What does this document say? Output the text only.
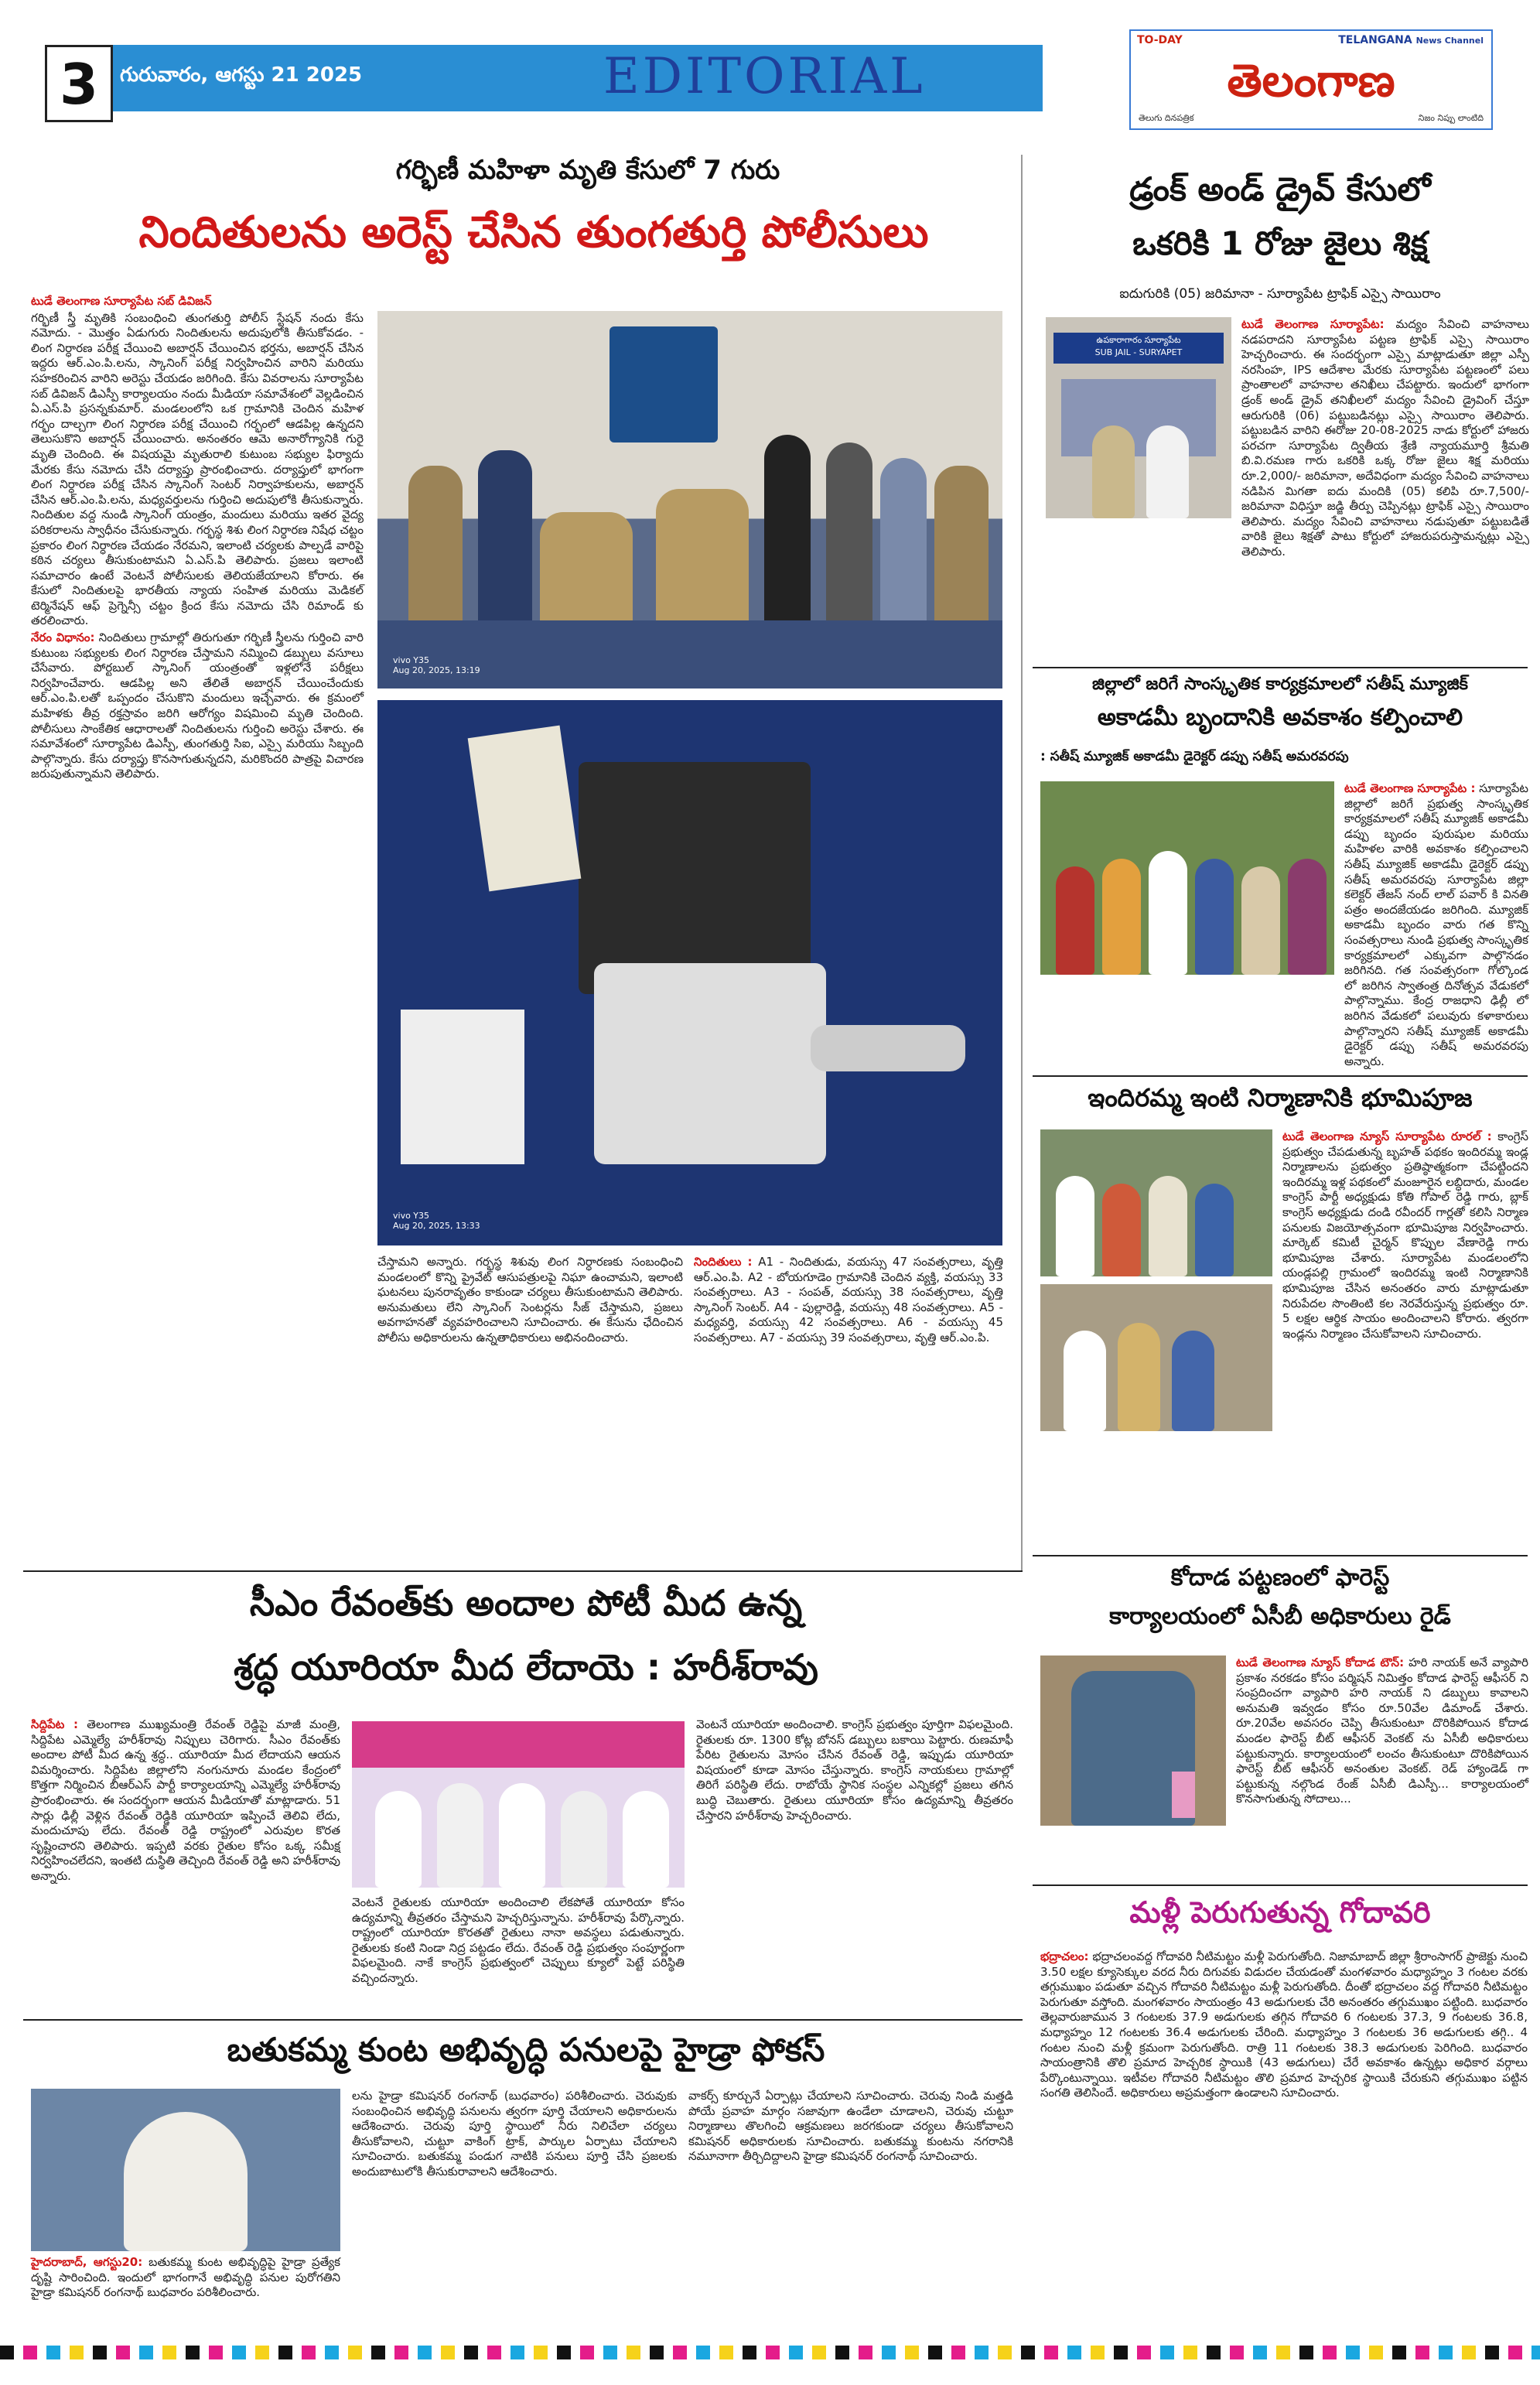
3	గురువారం, ఆగస్టు 21 2025	EDITORIAL
TO-DAY	TELANGANA News Channel
తెలంగాణ
తెలుగు దినపత్రిక	నిజం నిప్పు లాంటిది
గర్భిణీ మహిళా మృతి కేసులో 7 గురు
నిందితులను అరెస్ట్ చేసిన తుంగతుర్తి పోలీసులు

టుడే తెలంగాణ సూర్యాపేట సబ్ డివిజన్

గర్భిణీ స్త్రీ మృతికి సంబంధించి తుంగతుర్తి పోలీస్ స్టేషన్ నందు కేసు నమోదు. - మొత్తం ఏడుగురు నిందితులను అదుపులోకి తీసుకోవడం. - లింగ నిర్ధారణ పరీక్ష చేయించి అబార్షన్ చేయించిన భర్తను, అబార్షన్ చేసిన ఇద్దరు ఆర్.ఎం.పి.లను, స్కానింగ్ పరీక్ష నిర్వహించిన వారిని మరియు సహకరించిన వారిని అరెస్టు చేయడం జరిగింది. కేసు వివరాలను సూర్యాపేట సబ్ డివిజన్ డిఎస్పీ కార్యాలయం నందు మీడియా సమావేశంలో వెల్లడించిన ఏ.ఎస్.పి ప్రసన్నకుమార్. మండలంలోని ఒక గ్రామానికి చెందిన మహిళ గర్భం దాల్చగా లింగ నిర్ధారణ పరీక్ష చేయించి గర్భంలో ఆడపిల్ల ఉన్నదని తెలుసుకొని అబార్షన్ చేయించారు. అనంతరం ఆమె అనారోగ్యానికి గురై మృతి చెందింది. ఈ విషయమై మృతురాలి కుటుంబ సభ్యుల ఫిర్యాదు మేరకు కేసు నమోదు చేసి దర్యాప్తు ప్రారంభించారు. దర్యాప్తులో భాగంగా లింగ నిర్ధారణ పరీక్ష చేసిన స్కానింగ్ సెంటర్ నిర్వాహకులను, అబార్షన్ చేసిన ఆర్.ఎం.పి.లను, మధ్యవర్తులను గుర్తించి అదుపులోకి తీసుకున్నారు. నిందితుల వద్ద నుండి స్కానింగ్ యంత్రం, మందులు మరియు ఇతర వైద్య పరికరాలను స్వాధీనం చేసుకున్నారు. గర్భస్థ శిశు లింగ నిర్ధారణ నిషేధ చట్టం ప్రకారం లింగ నిర్ధారణ చేయడం నేరమని, ఇలాంటి చర్యలకు పాల్పడే వారిపై కఠిన చర్యలు తీసుకుంటామని ఏ.ఎస్.పి తెలిపారు. ప్రజలు ఇలాంటి సమాచారం ఉంటే వెంటనే పోలీసులకు తెలియజేయాలని కోరారు. ఈ కేసులో నిందితులపై భారతీయ న్యాయ సంహిత మరియు మెడికల్ టెర్మినేషన్ ఆఫ్ ప్రెగ్నెన్సీ చట్టం క్రింద కేసు నమోదు చేసి రిమాండ్ కు తరలించారు.

నేరం విధానం: నిందితులు గ్రామాల్లో తిరుగుతూ గర్భిణీ స్త్రీలను గుర్తించి వారి కుటుంబ సభ్యులకు లింగ నిర్ధారణ చేస్తామని నమ్మించి డబ్బులు వసూలు చేసేవారు. పోర్టబుల్ స్కానింగ్ యంత్రంతో ఇళ్లలోనే పరీక్షలు నిర్వహించేవారు. ఆడపిల్ల అని తేలితే అబార్షన్ చేయించేందుకు ఆర్.ఎం.పి.లతో ఒప్పందం చేసుకొని మందులు ఇచ్చేవారు. ఈ క్రమంలో మహిళకు తీవ్ర రక్తస్రావం జరిగి ఆరోగ్యం విషమించి మృతి చెందింది. పోలీసులు సాంకేతిక ఆధారాలతో నిందితులను గుర్తించి అరెస్టు చేశారు. ఈ సమావేశంలో సూర్యాపేట డిఎస్పీ, తుంగతుర్తి సిఐ, ఎస్సై మరియు సిబ్బంది పాల్గొన్నారు. కేసు దర్యాప్తు కొనసాగుతున్నదని, మరికొందరి పాత్రపై విచారణ జరుపుతున్నామని తెలిపారు.

vivo Y35
Aug 20, 2025, 13:19
vivo Y35
Aug 20, 2025, 13:33

చేస్తామని అన్నారు. గర్భస్థ శిశువు లింగ నిర్ధారణకు సంబంధించి మండలంలో కొన్ని ప్రైవేట్ ఆసుపత్రులపై నిఘా ఉంచామని, ఇలాంటి ఘటనలు పునరావృతం కాకుండా చర్యలు తీసుకుంటామని తెలిపారు. అనుమతులు లేని స్కానింగ్ సెంటర్లను సీజ్ చేస్తామని, ప్రజలు అవగాహనతో వ్యవహరించాలని సూచించారు. ఈ కేసును ఛేదించిన పోలీసు అధికారులను ఉన్నతాధికారులు అభినందించారు.

నిందితులు : A1 - నిందితుడు, వయస్సు 47 సంవత్సరాలు, వృత్తి ఆర్.ఎం.పి. A2 - బోయగూడెం గ్రామానికి చెందిన వ్యక్తి, వయస్సు 33 సంవత్సరాలు. A3 - సంపత్, వయస్సు 38 సంవత్సరాలు, వృత్తి స్కానింగ్ సెంటర్. A4 - పుల్లారెడ్డి, వయస్సు 48 సంవత్సరాలు. A5 - మధ్యవర్తి, వయస్సు 42 సంవత్సరాలు. A6 - వయస్సు 45 సంవత్సరాలు. A7 - వయస్సు 39 సంవత్సరాలు, వృత్తి ఆర్.ఎం.పి.

డ్రంక్ అండ్ డ్రైవ్ కేసులో
ఒకరికి 1 రోజు జైలు శిక్ష
ఐదుగురికి (05) జరిమానా - సూర్యాపేట ట్రాఫిక్ ఎస్సై సాయిరాం
ఉపకారాగారం సూర్యాపేట
SUB JAIL - SURYAPET

టుడే తెలంగాణ సూర్యాపేట: మద్యం సేవించి వాహనాలు నడపరాదని సూర్యాపేట పట్టణ ట్రాఫిక్ ఎస్సై సాయిరాం హెచ్చరించారు. ఈ సందర్భంగా ఎస్సై మాట్లాడుతూ జిల్లా ఎస్పీ నరసింహ, IPS ఆదేశాల మేరకు సూర్యాపేట పట్టణంలో పలు ప్రాంతాలలో వాహనాల తనిఖీలు చేపట్టారు. ఇందులో భాగంగా డ్రంక్ అండ్ డ్రైవ్ తనిఖీలలో మద్యం సేవించి డ్రైవింగ్ చేస్తూ ఆరుగురికి (06) పట్టుబడినట్లు ఎస్సై సాయిరాం తెలిపారు. పట్టుబడిన వారిని ఈరోజు 20-08-2025 నాడు కోర్టులో హాజరు పరచగా సూర్యాపేట ద్వితీయ శ్రేణి న్యాయమూర్తి శ్రీమతి బి.వి.రమణ గారు ఒకరికి ఒక్క రోజు జైలు శిక్ష మరియు రూ.2,000/- జరిమానా, అదేవిధంగా మద్యం సేవించి వాహనాలు నడిపిన మిగతా ఐదు మందికి (05) కలిపి రూ.7,500/- జరిమానా విధిస్తూ జడ్జి తీర్పు చెప్పినట్లు ట్రాఫిక్ ఎస్సై సాయిరాం తెలిపారు. మద్యం సేవించి వాహనాలు నడుపుతూ పట్టుబడితే వారికి జైలు శిక్షతో పాటు కోర్టులో హాజరుపరుస్తామన్నట్లు ఎస్సై తెలిపారు.

జిల్లాలో జరిగే సాంస్కృతిక కార్యక్రమాలలో సతీష్ మ్యూజిక్
అకాడమీ బృందానికి అవకాశం కల్పించాలి
: సతీష్ మ్యూజిక్ అకాడమీ డైరెక్టర్ డప్పు సతీష్ అమరవరపు

టుడే తెలంగాణ సూర్యాపేట : సూర్యాపేట జిల్లాలో జరిగే ప్రభుత్వ సాంస్కృతిక కార్యక్రమాలలో సతీష్ మ్యూజిక్ అకాడమీ డప్పు బృందం పురుషుల మరియు మహిళల వారికి అవకాశం కల్పించాలని సతీష్ మ్యూజిక్ అకాడమీ డైరెక్టర్ డప్పు సతీష్ అమరవరపు సూర్యాపేట జిల్లా కలెక్టర్ తేజస్ నంద్ లాల్ పవార్ కి వినతి పత్రం అందజేయడం జరిగింది. మ్యూజిక్ అకాడమీ బృందం వారు గత కొన్ని సంవత్సరాలు నుండి ప్రభుత్వ సాంస్కృతిక కార్యక్రమాలలో ఎక్కువగా పాల్గొనడం జరిగినది. గత సంవత్సరంగా గోల్కొండ లో జరిగిన స్వాతంత్ర దినోత్సవ వేడుకలో పాల్గొన్నాము. కేంద్ర రాజధాని ఢిల్లీ లో జరిగిన వేడుకలో పలువురు కళాకారులు పాల్గొన్నారని సతీష్ మ్యూజిక్ అకాడమీ డైరెక్టర్ డప్పు సతీష్ అమరవరపు అన్నారు.

ఇందిరమ్మ ఇంటి నిర్మాణానికి భూమిపూజ

టుడే తెలంగాణ న్యూస్ సూర్యాపేట రూరల్ : కాంగ్రెస్ ప్రభుత్వం చేపడుతున్న బృహత్ పథకం ఇందిరమ్మ ఇండ్ల నిర్మాణాలను ప్రభుత్వం ప్రతిష్ఠాత్మకంగా చేపట్టిందని ఇందిరమ్మ ఇళ్ల పథకంలో మంజూరైన లబ్ధిదారు, మండల కాంగ్రెస్ పార్టీ అధ్యక్షుడు కోతి గోపాల్ రెడ్డి గారు, బ్లాక్ కాంగ్రెస్ అధ్యక్షుడు దండి రవీందర్ గార్లతో కలిసి నిర్మాణ పనులకు విజయోత్సవంగా భూమిపూజ నిర్వహించారు. మార్కెట్ కమిటీ చైర్మన్ కొప్పుల వేణారెడ్డి గారు భూమిపూజ చేశారు. సూర్యాపేట మండలంలోని యండ్లపల్లి గ్రామంలో ఇందిరమ్మ ఇంటి నిర్మాణానికి భూమిపూజ చేసిన అనంతరం వారు మాట్లాడుతూ నిరుపేదల సొంతింటి కల నెరవేరుస్తున్న ప్రభుత్వం రూ. 5 లక్షల ఆర్థిక సాయం అందించాలని కోరారు. త్వరగా ఇండ్లను నిర్మాణం చేసుకోవాలని సూచించారు.

కోదాడ పట్టణంలో ఫారెస్ట్
కార్యాలయంలో ఏసీబీ అధికారులు రైడ్

టుడే తెలంగాణ న్యూస్ కోదాడ టౌన్: హరి నాయక్ అనే వ్యాపారి ప్రకాశం నరకడం కోసం పర్మిషన్ నిమిత్తం కోదాడ ఫారెస్ట్ ఆఫీసర్ ని సంప్రదించగా వ్యాపారి హరి నాయక్ ని డబ్బులు కావాలని అనుమతి ఇవ్వడం కోసం రూ.50వేల డిమాండ్ చేశారు. రూ.20వేల అవసరం చెప్పి తీసుకుంటూ దొరికిపోయిన కోదాడ మండల ఫారెస్ట్ బీట్ ఆఫీసర్ వెంకట్ ను ఏసీబీ అధికారులు పట్టుకున్నారు. కార్యాలయంలో లంచం తీసుకుంటూ దొరికిపోయిన ఫారెస్ట్ బీట్ ఆఫీసర్ అనంతుల వెంకట్. రెడ్ హ్యాండెడ్ గా పట్టుకున్న నల్గొండ రేంజ్ ఏసీబీ డిఎస్పీ... కార్యాలయంలో కొనసాగుతున్న సోదాలు...

మళ్లీ పెరుగుతున్న గోదావరి

భద్రాచలం: భద్రాచలంవద్ద గోదావరి నీటిమట్టం మళ్లీ పెరుగుతోంది. నిజామాబాద్ జిల్లా శ్రీరాంసాగర్ ప్రాజెక్టు నుంచి 3.50 లక్షల క్యూసెక్కుల వరద నీరు దిగువకు విడుదల చేయడంతో మంగళవారం మధ్యాహ్నం 3 గంటల వరకు తగ్గుముఖం పడుతూ వచ్చిన గోదావరి నీటిమట్టం మళ్లీ పెరుగుతోంది. దీంతో భద్రాచలం వద్ద గోదావరి నీటిమట్టం పెరుగుతూ వస్తోంది. మంగళవారం సాయంత్రం 43 అడుగులకు చేరి అనంతరం తగ్గుముఖం పట్టింది. బుధవారం తెల్లవారుజామున 3 గంటలకు 37.9 అడుగులకు తగ్గిన గోదావరి 6 గంటలకు 37.3, 9 గంటలకు 36.8, మధ్యాహ్నం 12 గంటలకు 36.4 అడుగులకు చేరింది. మధ్యాహ్నం 3 గంటలకు 36 అడుగులకు తగ్గి.. 4 గంటల నుంచి మళ్లీ క్రమంగా పెరుగుతోంది. రాత్రి 11 గంటలకు 38.3 అడుగులకు పెరిగింది. బుధవారం సాయంత్రానికి తొలి ప్రమాద హెచ్చరిక స్థాయికి (43 అడుగులు) చేరే అవకాశం ఉన్నట్లు అధికార వర్గాలు పేర్కొంటున్నాయి. ఇటీవల గోదావరి నీటిమట్టం తొలి ప్రమాద హెచ్చరిక స్థాయికి చేరుకుని తగ్గుముఖం పట్టిన సంగతి తెలిసిందే. అధికారులు అప్రమత్తంగా ఉండాలని సూచించారు.

సీఎం రేవంత్‌కు అందాల పోటీ మీద ఉన్న
శ్రద్ధ యూరియా మీద లేదాయె : హరీశ్‌రావు

సిద్దిపేట : తెలంగాణ ముఖ్యమంత్రి రేవంత్ రెడ్డిపై మాజీ మంత్రి, సిద్దిపేట ఎమ్మెల్యే హరీశ్‌రావు నిప్పులు చెరిగారు. సీఎం రేవంత్‌కు అందాల పోటీ మీద ఉన్న శ్రద్ధ.. యూరియా మీద లేదాయని ఆయన విమర్శించారు. సిద్దిపేట జిల్లాలోని నంగునూరు మండల కేంద్రంలో కొత్తగా నిర్మించిన బీఆర్ఎస్ పార్టీ కార్యాలయాన్ని ఎమ్మెల్యే హరీశ్‌రావు ప్రారంభించారు. ఈ సందర్భంగా ఆయన మీడియాతో మాట్లాడారు. 51 సార్లు ఢిల్లీ వెళ్లిన రేవంత్ రెడ్డికి యూరియా ఇప్పించే తెలివి లేదు, మందుచూపు లేదు. రేవంత్ రెడ్డి రాష్ట్రంలో ఎరువుల కొరత సృష్టించారని తెలిపారు. ఇప్పటి వరకు రైతుల కోసం ఒక్క సమీక్ష నిర్వహించలేదని, ఇంతటి దుస్థితి తెచ్చింది రేవంత్ రెడ్డి అని హరీశ్‌రావు అన్నారు.

వెంటనే రైతులకు యూరియా అందించాలి లేకపోతే యూరియా కోసం ఉద్యమాన్ని తీవ్రతరం చేస్తామని హెచ్చరిస్తున్నాను. హరీశ్‌రావు పేర్కొన్నారు. రాష్ట్రంలో యూరియా కొరతతో రైతులు నానా అవస్థలు పడుతున్నారు. రైతులకు కంటి నిండా నిద్ర పట్టడం లేదు. రేవంత్ రెడ్డి ప్రభుత్వం సంపూర్ణంగా విఫలమైంది. నాకే కాంగ్రెస్ ప్రభుత్వంలో చెప్పులు క్యూలో పెట్టే పరిస్థితి వచ్చిందన్నారు.

వెంటనే యూరియా అందించాలి. కాంగ్రెస్ ప్రభుత్వం పూర్తిగా విఫలమైంది. రైతులకు రూ. 1300 కోట్ల బోనస్ డబ్బులు బకాయి పెట్టారు. రుణమాఫీ పేరిట రైతులను మోసం చేసిన రేవంత్ రెడ్డి, ఇప్పుడు యూరియా విషయంలో కూడా మోసం చేస్తున్నారు. కాంగ్రెస్ నాయకులు గ్రామాల్లో తిరిగే పరిస్థితి లేదు. రాబోయే స్థానిక సంస్థల ఎన్నికల్లో ప్రజలు తగిన బుద్ధి చెబుతారు. రైతులు యూరియా కోసం ఉద్యమాన్ని తీవ్రతరం చేస్తారని హరీశ్‌రావు హెచ్చరించారు.

బతుకమ్మ కుంట అభివృద్ధి పనులపై హైడ్రా ఫోకస్

హైదరాబాద్, ఆగస్టు20: బతుకమ్మ కుంట అభివృద్ధిపై హైడ్రా ప్రత్యేక దృష్టి సారించింది. ఇందులో భాగంగానే అభివృద్ధి పనుల పురోగతిని హైడ్రా కమిషనర్ రంగనాథ్ బుధవారం పరిశీలించారు.

లను హైడ్రా కమిషనర్ రంగనాథ్ (బుధవారం) పరిశీలించారు. చెరువుకు సంబంధించిన అభివృద్ధి పనులను త్వరగా పూర్తి చేయాలని అధికారులను ఆదేశించారు. చెరువు పూర్తి స్థాయిలో నీరు నిలిచేలా చర్యలు తీసుకోవాలని, చుట్టూ వాకింగ్ ట్రాక్, పార్కుల ఏర్పాటు చేయాలని సూచించారు. బతుకమ్మ పండుగ నాటికి పనులు పూర్తి చేసి ప్రజలకు అందుబాటులోకి తీసుకురావాలని ఆదేశించారు.

వాకర్స్ కూర్చునే ఏర్పాట్లు చేయాలని సూచించారు. చెరువు నిండి మత్తడి పోయే ప్రవాహ మార్గం సజావుగా ఉండేలా చూడాలని, చెరువు చుట్టూ నిర్మాణాలు తొలగించి ఆక్రమణలు జరగకుండా చర్యలు తీసుకోవాలని కమిషనర్ అధికారులకు సూచించారు. బతుకమ్మ కుంటను నగరానికి నమూనాగా తీర్చిదిద్దాలని హైడ్రా కమిషనర్ రంగనాథ్ సూచించారు.
